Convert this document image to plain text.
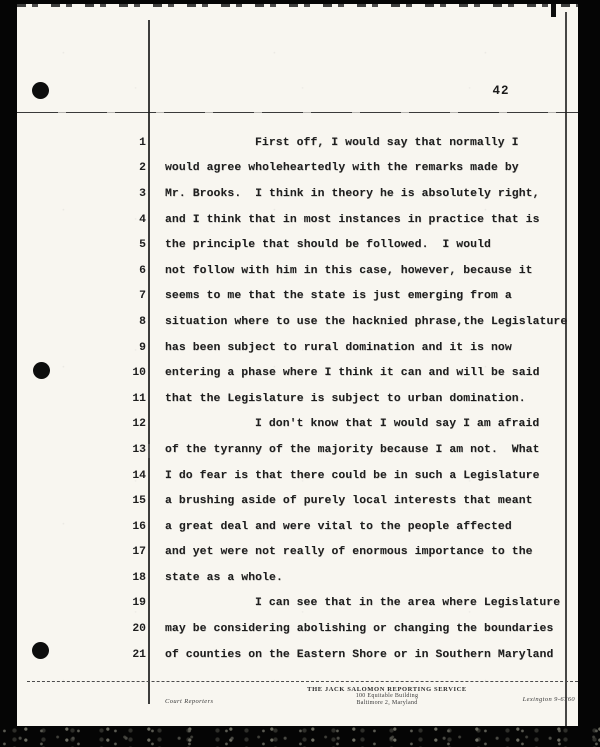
42
1	First off, I would say that normally I
2	would agree wholeheartedly with the remarks made by
3	Mr. Brooks.  I think in theory he is absolutely right,
4	and I think that in most instances in practice that is
5	the principle that should be followed.  I would
6	not follow with him in this case, however, because it
7	seems to me that the state is just emerging from a
8	situation where to use the hacknied phrase,the Legislature
9	has been subject to rural domination and it is now
10	entering a phase where I think it can and will be said
11	that the Legislature is subject to urban domination.
12	I don't know that I would say I am afraid
13	of the tyranny of the majority because I am not.  What
14	I do fear is that there could be in such a Legislature
15	a brushing aside of purely local interests that meant
16	a great deal and were vital to the people affected
17	and yet were not really of enormous importance to the
18	state as a whole.
19	I can see that in the area where Legislature
20	may be considering abolishing or changing the boundaries
21	of counties on the Eastern Shore or in Southern Maryland
Court Reporters
THE JACK SALOMON REPORTING SERVICE
100 Equitable Building
Baltimore 2, Maryland	Lexington 9-6760
